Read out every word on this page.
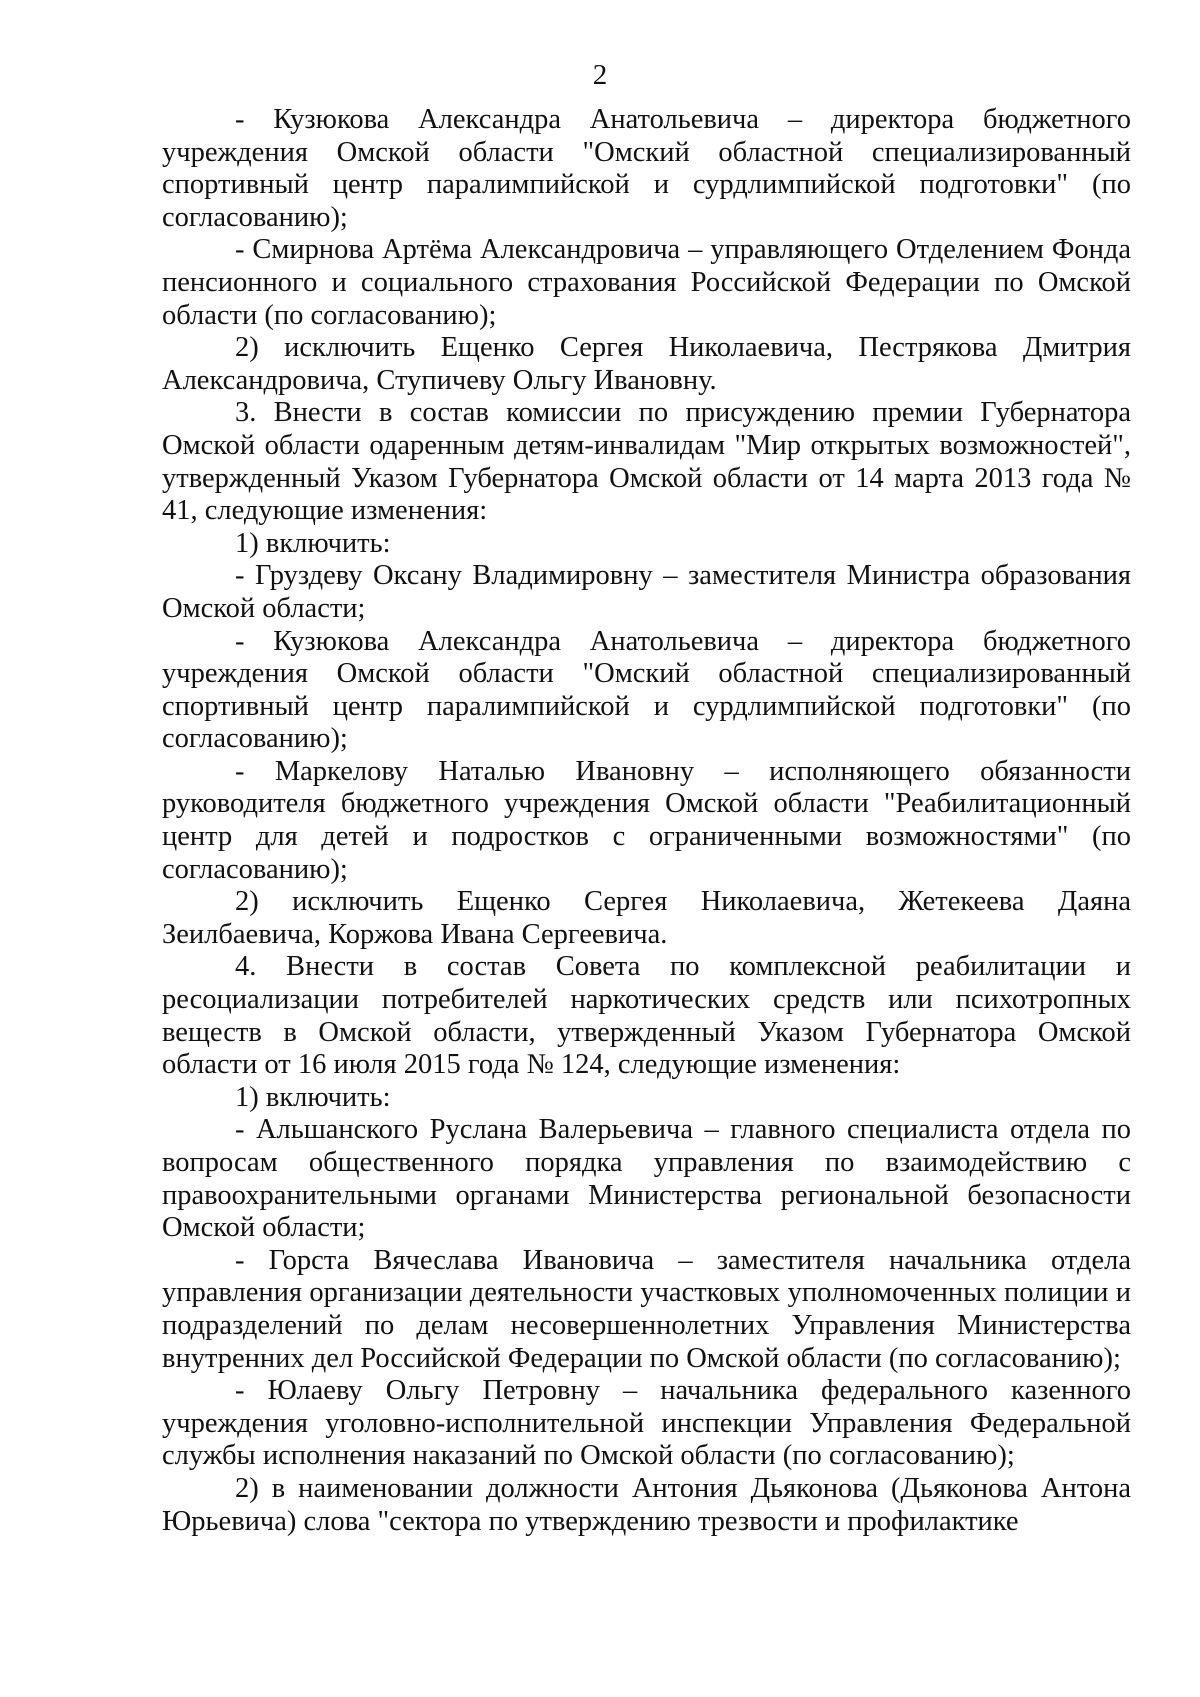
2

- Кузюкова Александра Анатольевича – директора бюджетного учреждения Омской области "Омский областной специализированный спортивный центр паралимпийской и сурдлимпийской подготовки" (по согласованию);

- Смирнова Артёма Александровича – управляющего Отделением Фонда пенсионного и социального страхования Российской Федерации по Омской области (по согласованию);

2) исключить Ещенко Сергея Николаевича, Пестрякова Дмитрия Александровича, Ступичеву Ольгу Ивановну.

3. Внести в состав комиссии по присуждению премии Губернатора Омской области одаренным детям-инвалидам "Мир открытых возможностей", утвержденный Указом Губернатора Омской области от 14 марта 2013 года № 41, следующие изменения:

1) включить:

- Груздеву Оксану Владимировну – заместителя Министра образования Омской области;

- Кузюкова Александра Анатольевича – директора бюджетного учреждения Омской области "Омский областной специализированный спортивный центр паралимпийской и сурдлимпийской подготовки" (по согласованию);

- Маркелову Наталью Ивановну – исполняющего обязанности руководителя бюджетного учреждения Омской области "Реабилитационный центр для детей и подростков с ограниченными возможностями" (по согласованию);

2) исключить Ещенко Сергея Николаевича, Жетекеева Даяна Зеилбаевича, Коржова Ивана Сергеевича.

4. Внести в состав Совета по комплексной реабилитации и ресоциализации потребителей наркотических средств или психотропных веществ в Омской области, утвержденный Указом Губернатора Омской области от 16 июля 2015 года № 124, следующие изменения:

1) включить:

- Альшанского Руслана Валерьевича – главного специалиста отдела по вопросам общественного порядка управления по взаимодействию с правоохранительными органами Министерства региональной безопасности Омской области;

- Горста Вячеслава Ивановича – заместителя начальника отдела управления организации деятельности участковых уполномоченных полиции и подразделений по делам несовершеннолетних Управления Министерства внутренних дел Российской Федерации по Омской области (по согласованию);

- Юлаеву Ольгу Петровну – начальника федерального казенного учреждения уголовно-исполнительной инспекции Управления Федеральной службы исполнения наказаний по Омской области (по согласованию);

2) в наименовании должности Антония Дьяконова (Дьяконова Антона Юрьевича) слова "сектора по утверждению трезвости и профилактике
